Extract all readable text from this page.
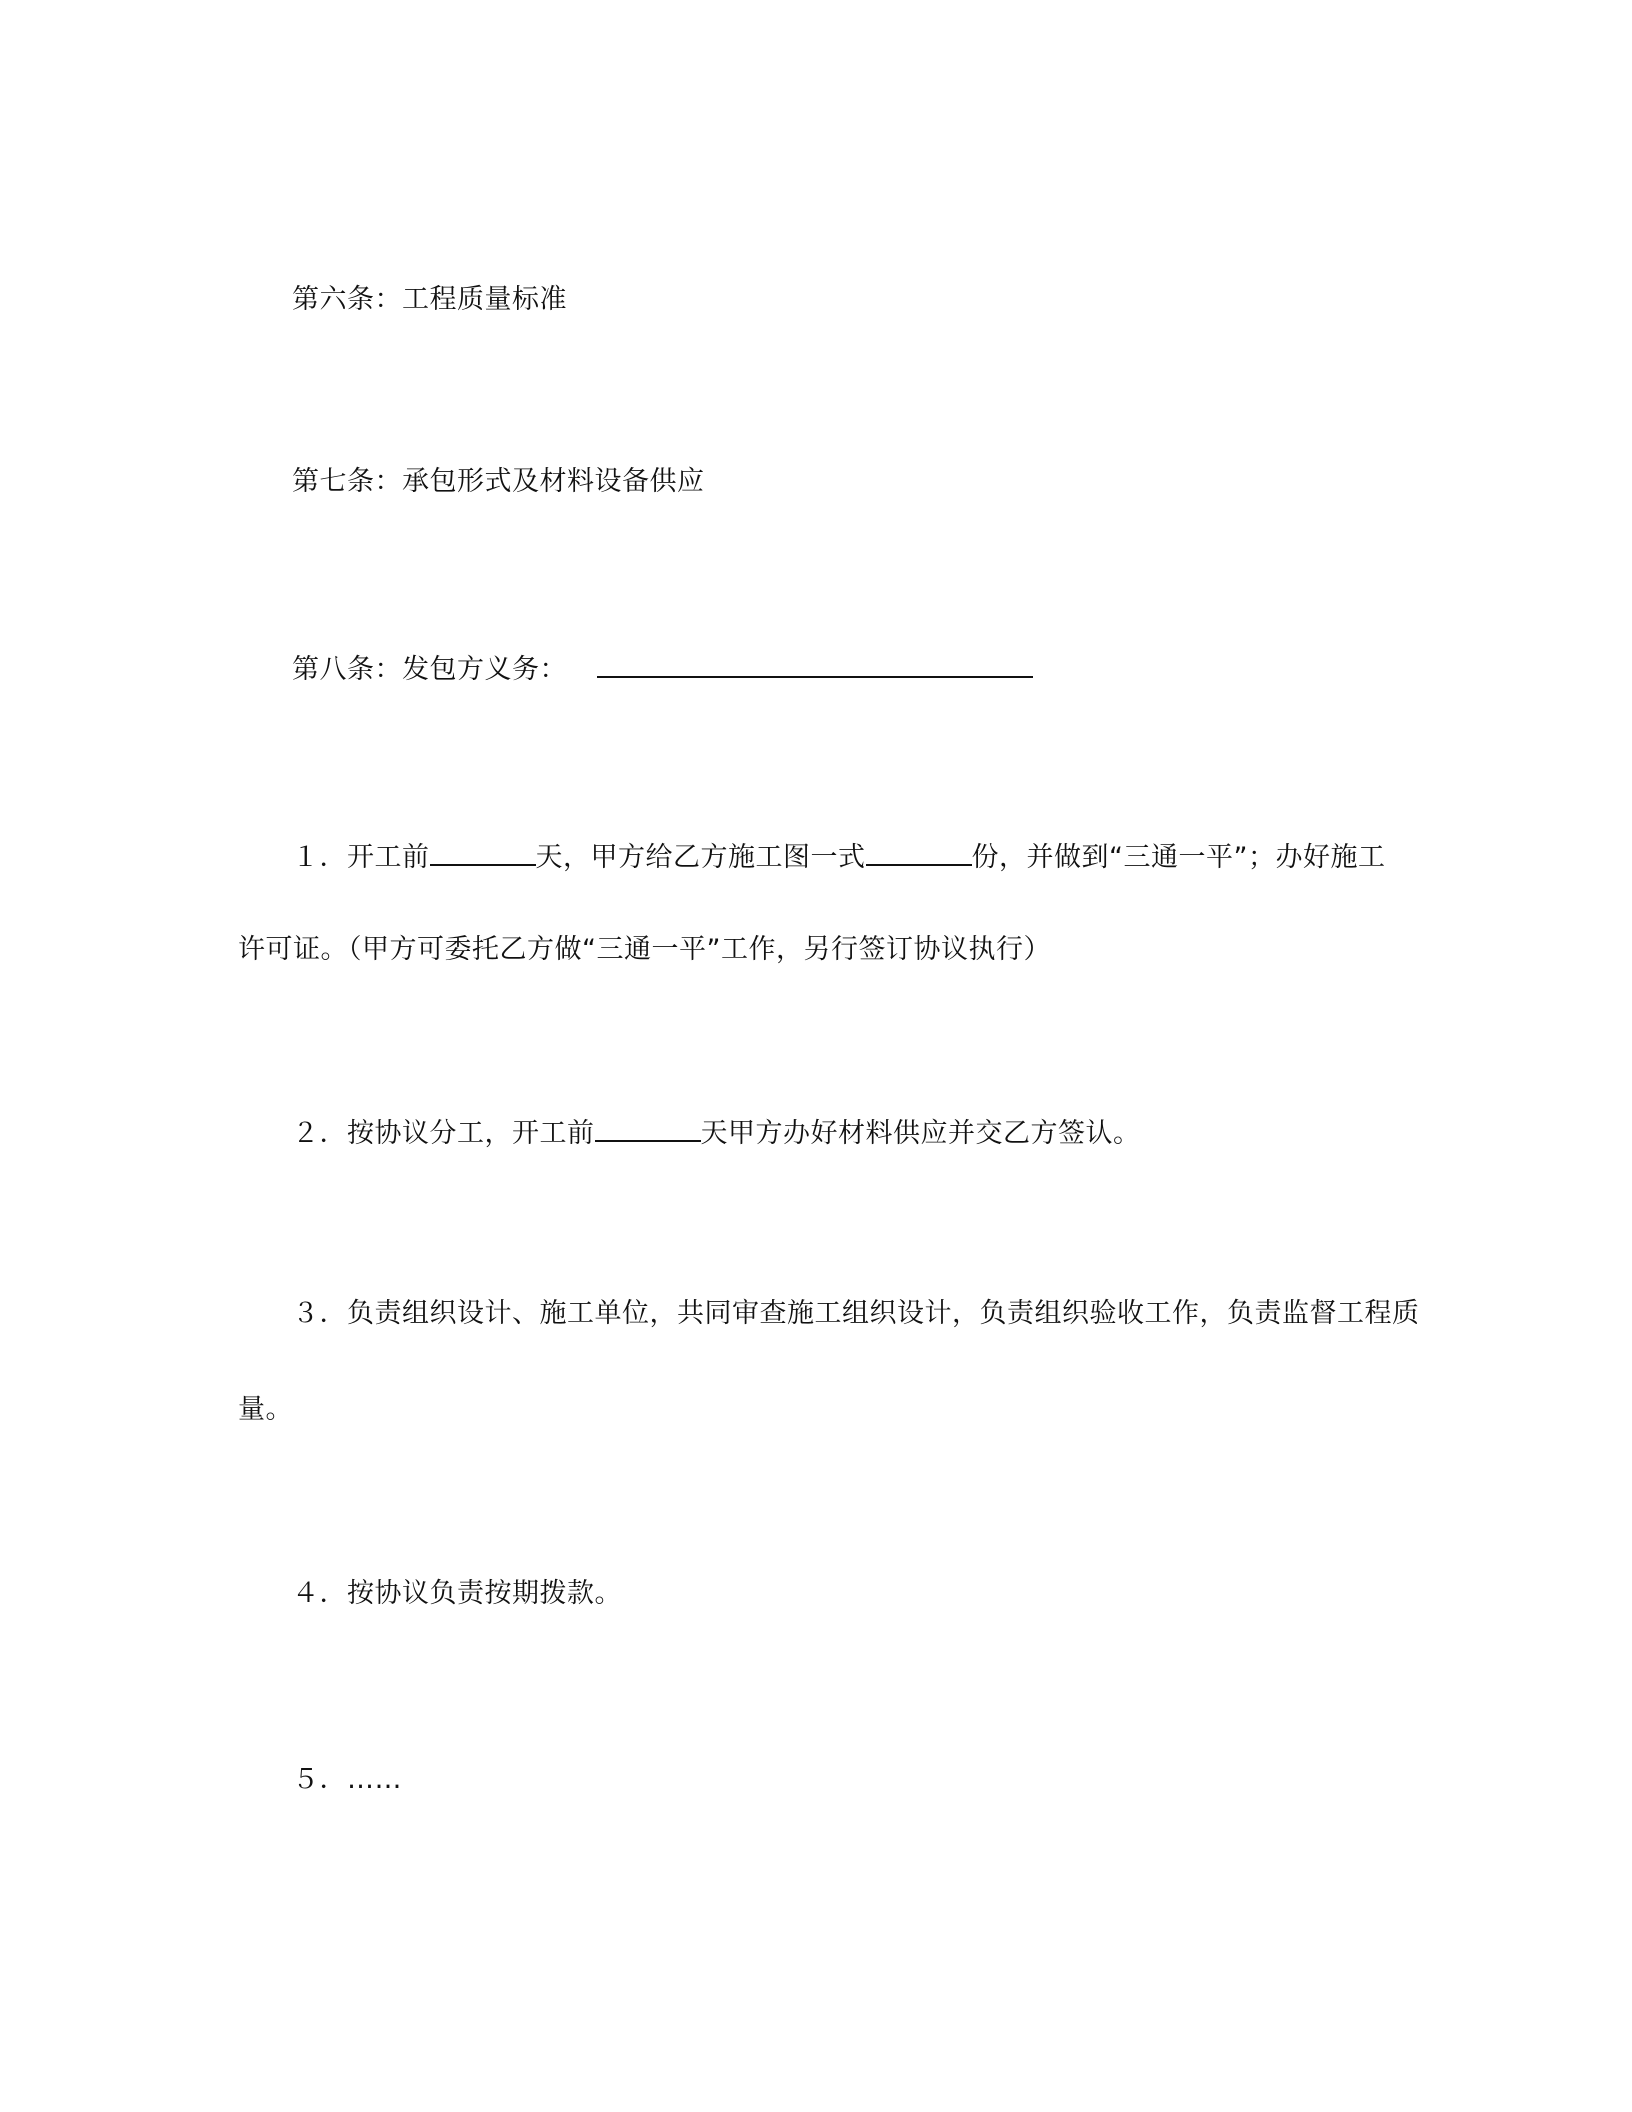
第六条：工程质量标准
第七条：承包形式及材料设备供应
第八条：发包方义务：
１．开工前	天，甲方给乙方施工图一式	份，并做到“三通一平”；办好施工
许可证。（甲方可委托乙方做“三通一平”工作，另行签订协议执行）
２．按协议分工，开工前	天甲方办好材料供应并交乙方签认。
３．负责组织设计、施工单位，共同审查施工组织设计，负责组织验收工作，负责监督工程质
量。
４．按协议负责按期拨款。
５．……
